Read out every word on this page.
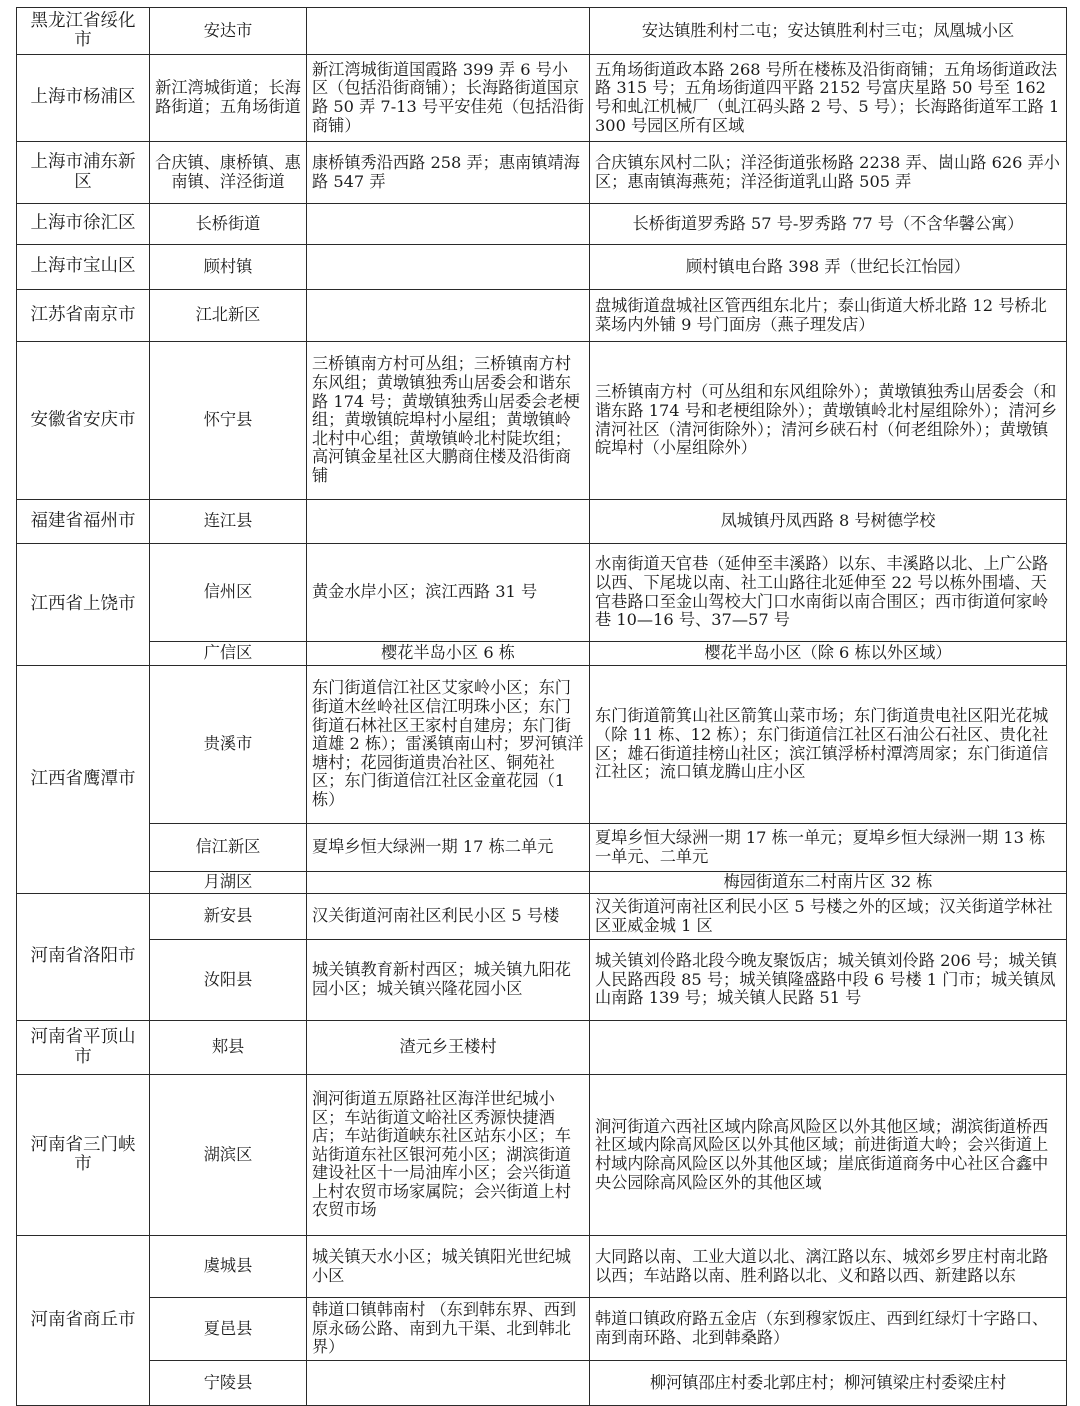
黑龙江省绥化市	安达市		安达镇胜利村二屯；安达镇胜利村三屯；凤凰城小区
上海市杨浦区	新江湾城街道；长海路街道；五角场街道	新江湾城街道国霞路 399 弄 6 号小区（包括沿街商铺）；长海路街道国京路 50 弄 7-13 号平安佳苑（包括沿街商铺）	五角场街道政本路 268 号所在楼栋及沿街商铺；五角场街道政法路 315 号；五角场街道四平路 2152 号富庆星路 50 号至 162 号和虬江机械厂（虬江码头路 2 号、5 号）；长海路街道军工路 1300 号园区所有区域
上海市浦东新区	合庆镇、康桥镇、惠南镇、洋泾街道	康桥镇秀沿西路 258 弄；惠南镇靖海路 547 弄	合庆镇东风村二队；洋泾街道张杨路 2238 弄、崮山路 626 弄小区；惠南镇海燕苑；洋泾街道乳山路 505 弄
上海市徐汇区	长桥街道		长桥街道罗秀路 57 号-罗秀路 77 号（不含华馨公寓）
上海市宝山区	顾村镇		顾村镇电台路 398 弄（世纪长江怡园）
江苏省南京市	江北新区		盘城街道盘城社区管西组东北片；泰山街道大桥北路 12 号桥北菜场内外铺 9 号门面房（燕子理发店）
安徽省安庆市	怀宁县	三桥镇南方村可丛组；三桥镇南方村东风组；黄墩镇独秀山居委会和谐东路 174 号；黄墩镇独秀山居委会老梗组；黄墩镇皖埠村小屋组；黄墩镇岭北村中心组；黄墩镇岭北村陡坎组；高河镇金星社区大鹏商住楼及沿街商铺	三桥镇南方村（可丛组和东风组除外）；黄墩镇独秀山居委会（和谐东路 174 号和老梗组除外）；黄墩镇岭北村屋组除外）；清河乡清河社区（清河街除外）；清河乡硖石村（何老组除外）；黄墩镇皖埠村（小屋组除外）
福建省福州市	连江县		凤城镇丹凤西路 8 号树德学校
江西省上饶市	信州区	黄金水岸小区；滨江西路 31 号	水南街道天官巷（延伸至丰溪路）以东、丰溪路以北、上广公路以西、下尾垅以南、社工山路往北延伸至 22 号以栋外围墙、天官巷路口至金山驾校大门口水南街以南合围区；西市街道何家岭巷 10—16 号、37—57 号
	广信区	樱花半岛小区 6 栋	樱花半岛小区（除 6 栋以外区域）
江西省鹰潭市	贵溪市	东门街道信江社区艾家岭小区；东门街道木丝岭社区信江明珠小区；东门街道石林社区王家村自建房；东门街道雄 2 栋）；雷溪镇南山村；罗河镇洋塘村；花园街道贵冶社区、铜苑社区；东门街道信江社区金童花园（1 栋）	东门街道箭箕山社区箭箕山菜市场；东门街道贵电社区阳光花城（除 11 栋、12 栋）；东门街道信江社区石油公石社区、贵化社区；雄石街道挂榜山社区；滨江镇浮桥村潭湾周家；东门街道信江社区；流口镇龙腾山庄小区
	信江新区	夏埠乡恒大绿洲一期 17 栋二单元	夏埠乡恒大绿洲一期 17 栋一单元；夏埠乡恒大绿洲一期 13 栋一单元、二单元
	月湖区		梅园街道东二村南片区 32 栋
河南省洛阳市	新安县	汉关街道河南社区利民小区 5 号楼	汉关街道河南社区利民小区 5 号楼之外的区域；汉关街道学林社区亚威金城 1 区
	汝阳县	城关镇教育新村西区；城关镇九阳花园小区；城关镇兴隆花园小区	城关镇刘伶路北段今晚友聚饭店；城关镇刘伶路 206 号；城关镇人民路西段 85 号；城关镇隆盛路中段 6 号楼 1 门市；城关镇凤山南路 139 号；城关镇人民路 51 号
河南省平顶山市	郏县	渣元乡王楼村	
河南省三门峡市	湖滨区	涧河街道五原路社区海洋世纪城小区；车站街道文峪社区秀源快捷酒店；车站街道峡东社区站东小区；车站街道东社区银河苑小区；湖滨街道建设社区十一局油库小区；会兴街道上村农贸市场家属院；会兴街道上村农贸市场	涧河街道六西社区域内除高风险区以外其他区域；湖滨街道桥西社区域内除高风险区以外其他区域；前进街道大岭；会兴街道上村域内除高风险区以外其他区域；崖底街道商务中心社区合鑫中央公园除高风险区外的其他区域
河南省商丘市	虞城县	城关镇天水小区；城关镇阳光世纪城小区	大同路以南、工业大道以北、漓江路以东、城郊乡罗庄村南北路以西；车站路以南、胜利路以北、义和路以西、新建路以东
	夏邑县	韩道口镇韩南村 （东到韩东界、西到原永砀公路、南到九干渠、北到韩北界）	韩道口镇政府路五金店（东到穆家饭庄、西到红绿灯十字路口、南到南环路、北到韩桑路）
	宁陵县		柳河镇邵庄村委北郭庄村；柳河镇梁庄村委梁庄村
